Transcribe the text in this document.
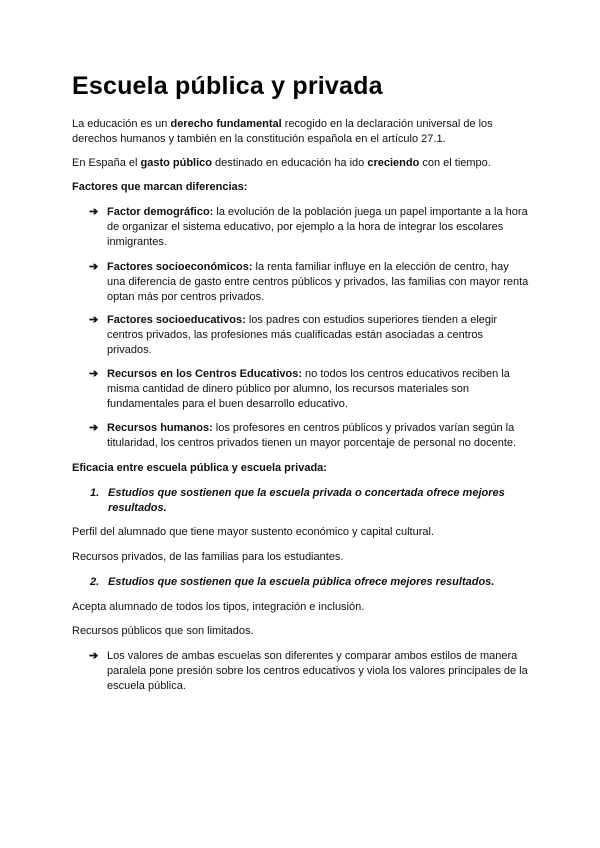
Escuela pública y privada

La educación es un derecho fundamental recogido en la declaración universal de los derechos humanos y también en la constitución española en el artículo 27.1.

En España el gasto público destinado en educación ha ido creciendo con el tiempo.

Factores que marcan diferencias:

➔ Factor demográfico: la evolución de la población juega un papel importante a la hora de organizar el sistema educativo, por ejemplo a la hora de integrar los escolares inmigrantes.
➔ Factores socioeconómicos: la renta familiar influye en la elección de centro, hay una diferencia de gasto entre centros públicos y privados, las familias con mayor renta optan más por centros privados.
➔ Factores socioeducativos: los padres con estudios superiores tienden a elegir centros privados, las profesiones más cualificadas están asociadas a centros privados.
➔ Recursos en los Centros Educativos: no todos los centros educativos reciben la misma cantidad de dinero público por alumno, los recursos materiales son fundamentales para el buen desarrollo educativo.
➔ Recursos humanos: los profesores en centros públicos y privados varían según la titularidad, los centros privados tienen un mayor porcentaje de personal no docente.

Eficacia entre escuela pública y escuela privada:

1. Estudios que sostienen que la escuela privada o concertada ofrece mejores resultados.

Perfil del alumnado que tiene mayor sustento económico y capital cultural.

Recursos privados, de las familias para los estudiantes.

2. Estudios que sostienen que la escuela pública ofrece mejores resultados.

Acepta alumnado de todos los tipos, integración e inclusión.

Recursos públicos que son limitados.

➔ Los valores de ambas escuelas son diferentes y comparar ambos estilos de manera paralela pone presión sobre los centros educativos y viola los valores principales de la escuela pública.
